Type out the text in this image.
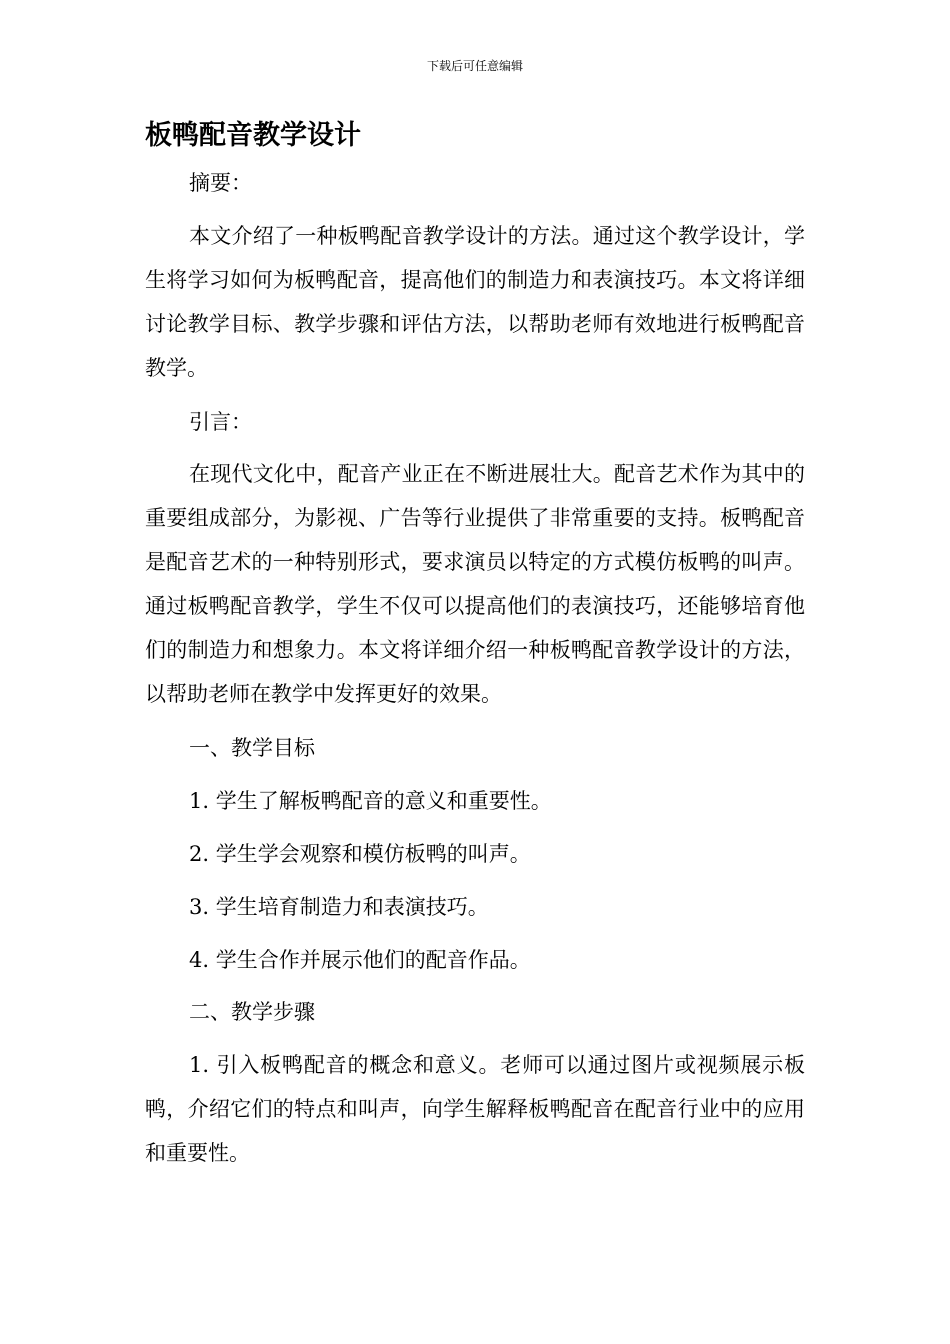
下载后可任意编辑
板鸭配音教学设计

摘要：

本文介绍了一种板鸭配音教学设计的方法。通过这个教学设计，学生将学习如何为板鸭配音，提高他们的制造力和表演技巧。本文将详细讨论教学目标、教学步骤和评估方法，以帮助老师有效地进行板鸭配音教学。

引言：

在现代文化中，配音产业正在不断进展壮大。配音艺术作为其中的重要组成部分，为影视、广告等行业提供了非常重要的支持。板鸭配音是配音艺术的一种特别形式，要求演员以特定的方式模仿板鸭的叫声。通过板鸭配音教学，学生不仅可以提高他们的表演技巧，还能够培育他们的制造力和想象力。本文将详细介绍一种板鸭配音教学设计的方法，以帮助老师在教学中发挥更好的效果。

一、教学目标

1. 学生了解板鸭配音的意义和重要性。

2. 学生学会观察和模仿板鸭的叫声。

3. 学生培育制造力和表演技巧。

4. 学生合作并展示他们的配音作品。

二、教学步骤

1. 引入板鸭配音的概念和意义。老师可以通过图片或视频展示板鸭，介绍它们的特点和叫声，向学生解释板鸭配音在配音行业中的应用和重要性。
